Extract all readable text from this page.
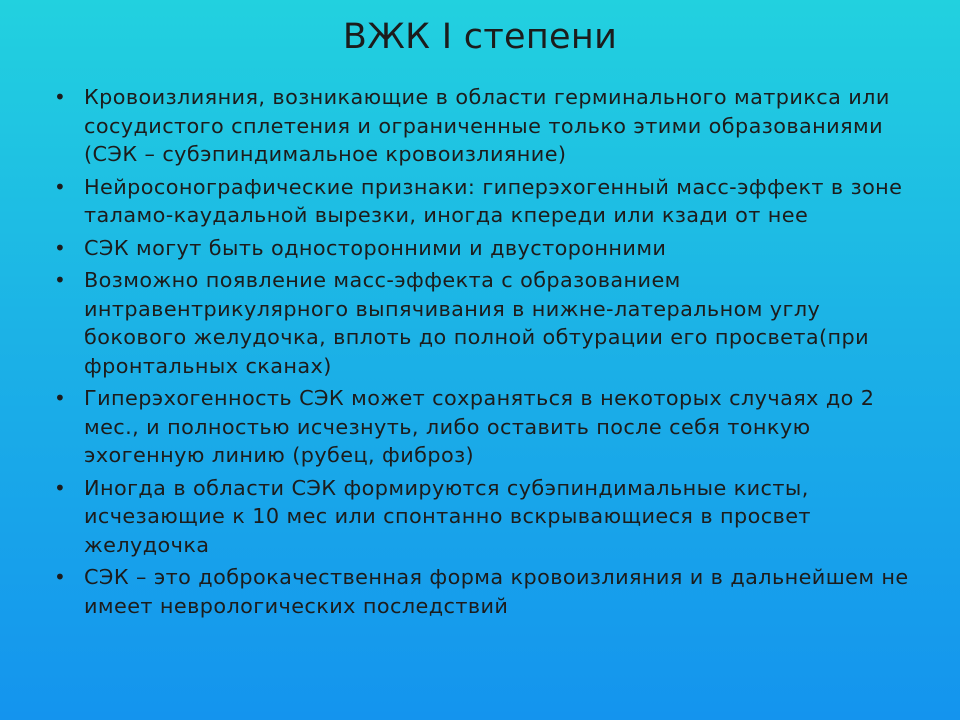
ВЖК I степени
• Кровоизлияния, возникающие в области герминального матрикса или сосудистого сплетения и ограниченные только этими образованиями (СЭК – субэпиндимальное кровоизлияние)
• Нейросонографические признаки: гиперэхогенный масс-эффект в зоне таламо-каудальной вырезки, иногда кпереди или кзади от нее
• СЭК могут быть односторонними и двусторонними
• Возможно появление масс-эффекта с образованием интравентрикулярного выпячивания в нижне-латеральном углу бокового желудочка, вплоть до полной обтурации его просвета(при фронтальных сканах)
• Гиперэхогенность СЭК может сохраняться в некоторых случаях до 2 мес., и полностью исчезнуть, либо оставить после себя тонкую эхогенную линию (рубец, фиброз)
• Иногда в области СЭК формируются субэпиндимальные кисты, исчезающие к 10 мес или спонтанно вскрывающиеся в просвет желудочка
• СЭК – это доброкачественная форма кровоизлияния и в дальнейшем не имеет неврологических последствий
